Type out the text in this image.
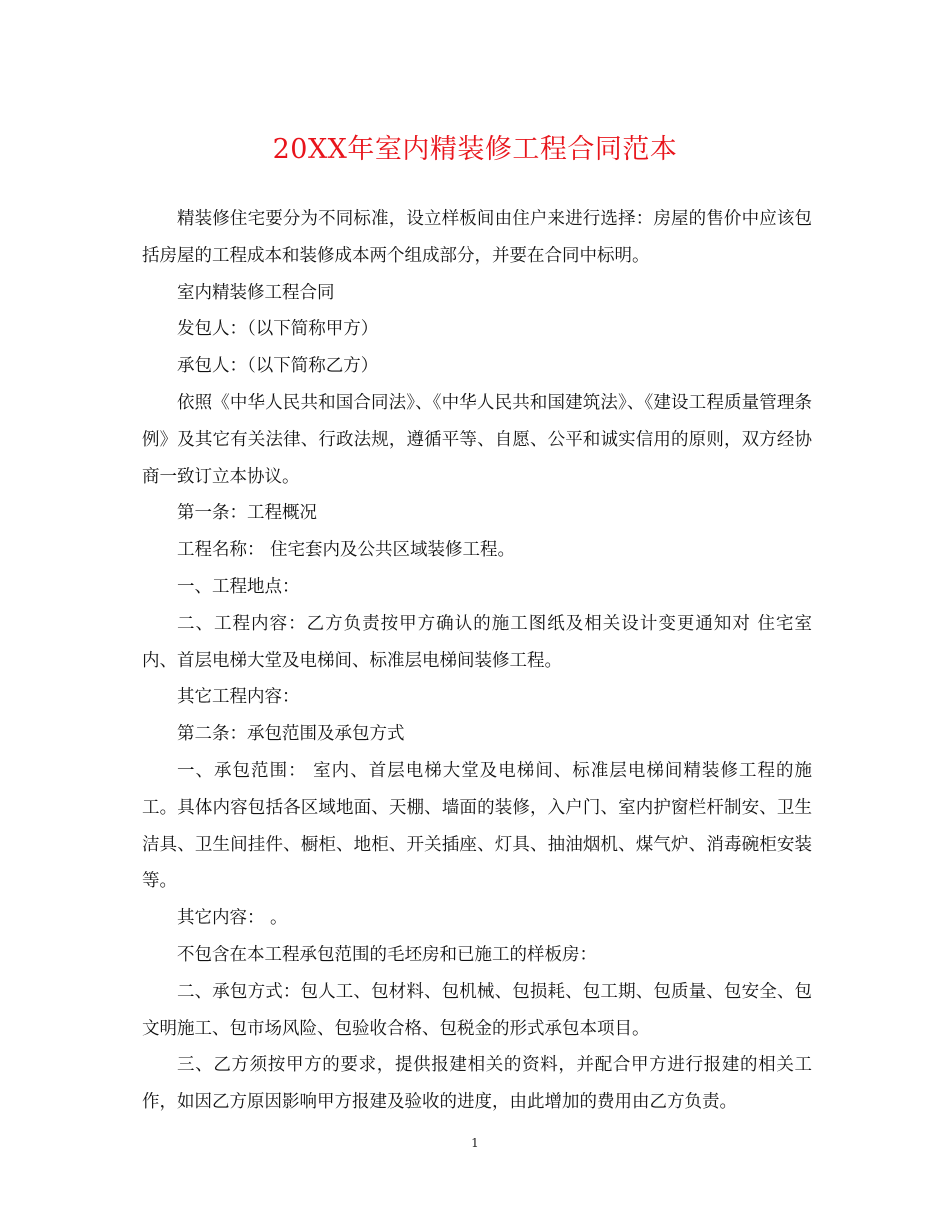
20XX年室内精装修工程合同范本

精装修住宅要分为不同标准，设立样板间由住户来进行选择：房屋的售价中应该包括房屋的工程成本和装修成本两个组成部分，并要在合同中标明。

室内精装修工程合同

发包人：（以下简称甲方）

承包人：（以下简称乙方）

依照《中华人民共和国合同法》、《中华人民共和国建筑法》、《建设工程质量管理条例》及其它有关法律、行政法规，遵循平等、自愿、公平和诚实信用的原则，双方经协商一致订立本协议。

第一条：工程概况

工程名称： 住宅套内及公共区域装修工程。

一、工程地点：

二、工程内容：乙方负责按甲方确认的施工图纸及相关设计变更通知对 住宅室内、首层电梯大堂及电梯间、标准层电梯间装修工程。

其它工程内容：

第二条：承包范围及承包方式

一、承包范围： 室内、首层电梯大堂及电梯间、标准层电梯间精装修工程的施工。具体内容包括各区域地面、天棚、墙面的装修，入户门、室内护窗栏杆制安、卫生洁具、卫生间挂件、橱柜、地柜、开关插座、灯具、抽油烟机、煤气炉、消毒碗柜安装等。

其它内容： 。

不包含在本工程承包范围的毛坯房和已施工的样板房：

二、承包方式：包人工、包材料、包机械、包损耗、包工期、包质量、包安全、包文明施工、包市场风险、包验收合格、包税金的形式承包本项目。

三、乙方须按甲方的要求，提供报建相关的资料，并配合甲方进行报建的相关工作，如因乙方原因影响甲方报建及验收的进度，由此增加的费用由乙方负责。

1
